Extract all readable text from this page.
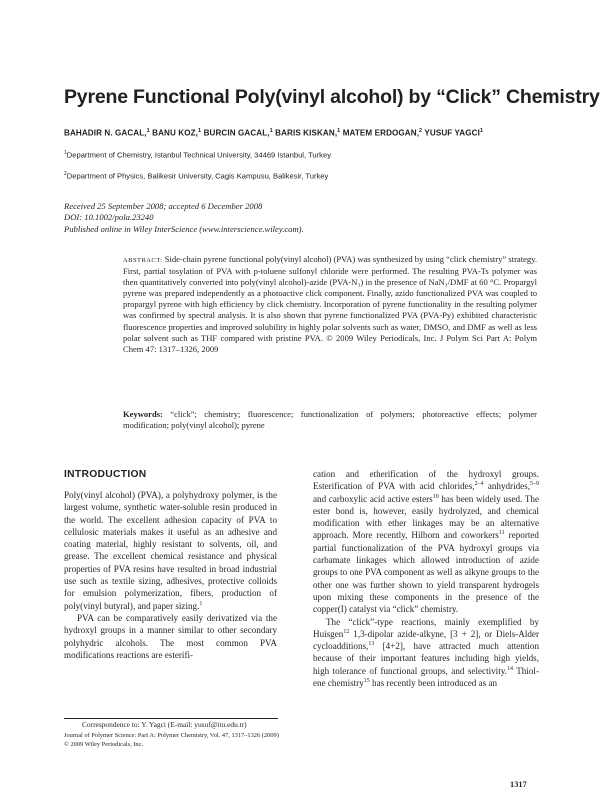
Pyrene Functional Poly(vinyl alcohol) by “Click” Chemistry
BAHADIR N. GACAL,$^1$ BANU KOZ,$^1$ BURCIN GACAL,$^1$ BARIS KISKAN,$^1$ MATEM ERDOGAN,$^2$ YUSUF YAGCI$^1$
$^1$Department of Chemistry, Istanbul Technical University, 34469 Istanbul, Turkey
$^2$Department of Physics, Balikesir University, Cagis Kampusu, Balikesir, Turkey
Received 25 September 2008; accepted 6 December 2008
DOI: 10.1002/pola.23240
Published online in Wiley InterScience (www.interscience.wiley.com).
ABSTRACT: Side-chain pyrene functional poly(vinyl alcohol) (PVA) was synthesized by using “click chemistry” strategy. First, partial tosylation of PVA with p-toluene sulfonyl chloride were performed. The resulting PVA-Ts polymer was then quantitatively converted into poly(vinyl alcohol)-azide (PVA-N₃) in the presence of NaN₃/DMF at 60 °C. Propargyl pyrene was prepared independently as a photoactive click component. Finally, azido functionalized PVA was coupled to propargyl pyrene with high efficiency by click chemistry. Incorporation of pyrene functionality in the resulting polymer was confirmed by spectral analysis. It is also shown that pyrene functionalized PVA (PVA-Py) exhibited characteristic fluorescence properties and improved solubility in highly polar solvents such as water, DMSO, and DMF as well as less polar solvent such as THF compared with pristine PVA. © 2009 Wiley Periodicals, Inc. J Polym Sci Part A: Polym Chem 47: 1317–1326, 2009
Keywords: “click”; chemistry; fluorescence; functionalization of polymers; photoreactive effects; polymer modification; poly(vinyl alcohol); pyrene
INTRODUCTION

Poly(vinyl alcohol) (PVA), a polyhydroxy polymer, is the largest volume, synthetic water-soluble resin produced in the world. The excellent adhesion capacity of PVA to cellulosic materials makes it useful as an adhesive and coating material, highly resistant to solvents, oil, and grease. The excellent chemical resistance and physical properties of PVA resins have resulted in broad industrial use such as textile sizing, adhesives, protective colloids for emulsion polymerization, fibers, production of poly(vinyl butyral), and paper sizing.$^1$

PVA can be comparatively easily derivatized via the hydroxyl groups in a manner similar to other secondary polyhydric alcohols. The most common PVA modifications reactions are esterifi-

cation and etherification of the hydroxyl groups. Esterification of PVA with acid chlorides,$^{2-4}$ anhydrides,$^{5-9}$ and carboxylic acid active esters$^{10}$ has been widely used. The ester bond is, however, easily hydrolyzed, and chemical modification with ether linkages may be an alternative approach. More recently, Hilborn and coworkers$^{11}$ reported partial functionalization of the PVA hydroxyl groups via carbamate linkages which allowed introduction of azide groups to one PVA component as well as alkyne groups to the other one was further shown to yield transparent hydrogels upon mixing these components in the presence of the copper(I) catalyst via “click” chemistry.

The “click”-type reactions, mainly exemplified by Huisgen$^{12}$ 1,3-dipolar azide-alkyne, [3 + 2], or Diels-Alder cycloadditions,$^{13}$ [4+2], have attracted much attention because of their important features including high yields, high tolerance of functional groups, and selectivity.$^{14}$ Thiol-ene chemistry$^{15}$ has recently been introduced as an

Correspondence to: Y. Yagci (E-mail: yusuf@itu.edu.tr)
Journal of Polymer Science: Part A: Polymer Chemistry, Vol. 47, 1317–1326 (2009)
© 2009 Wiley Periodicals, Inc.
1317
